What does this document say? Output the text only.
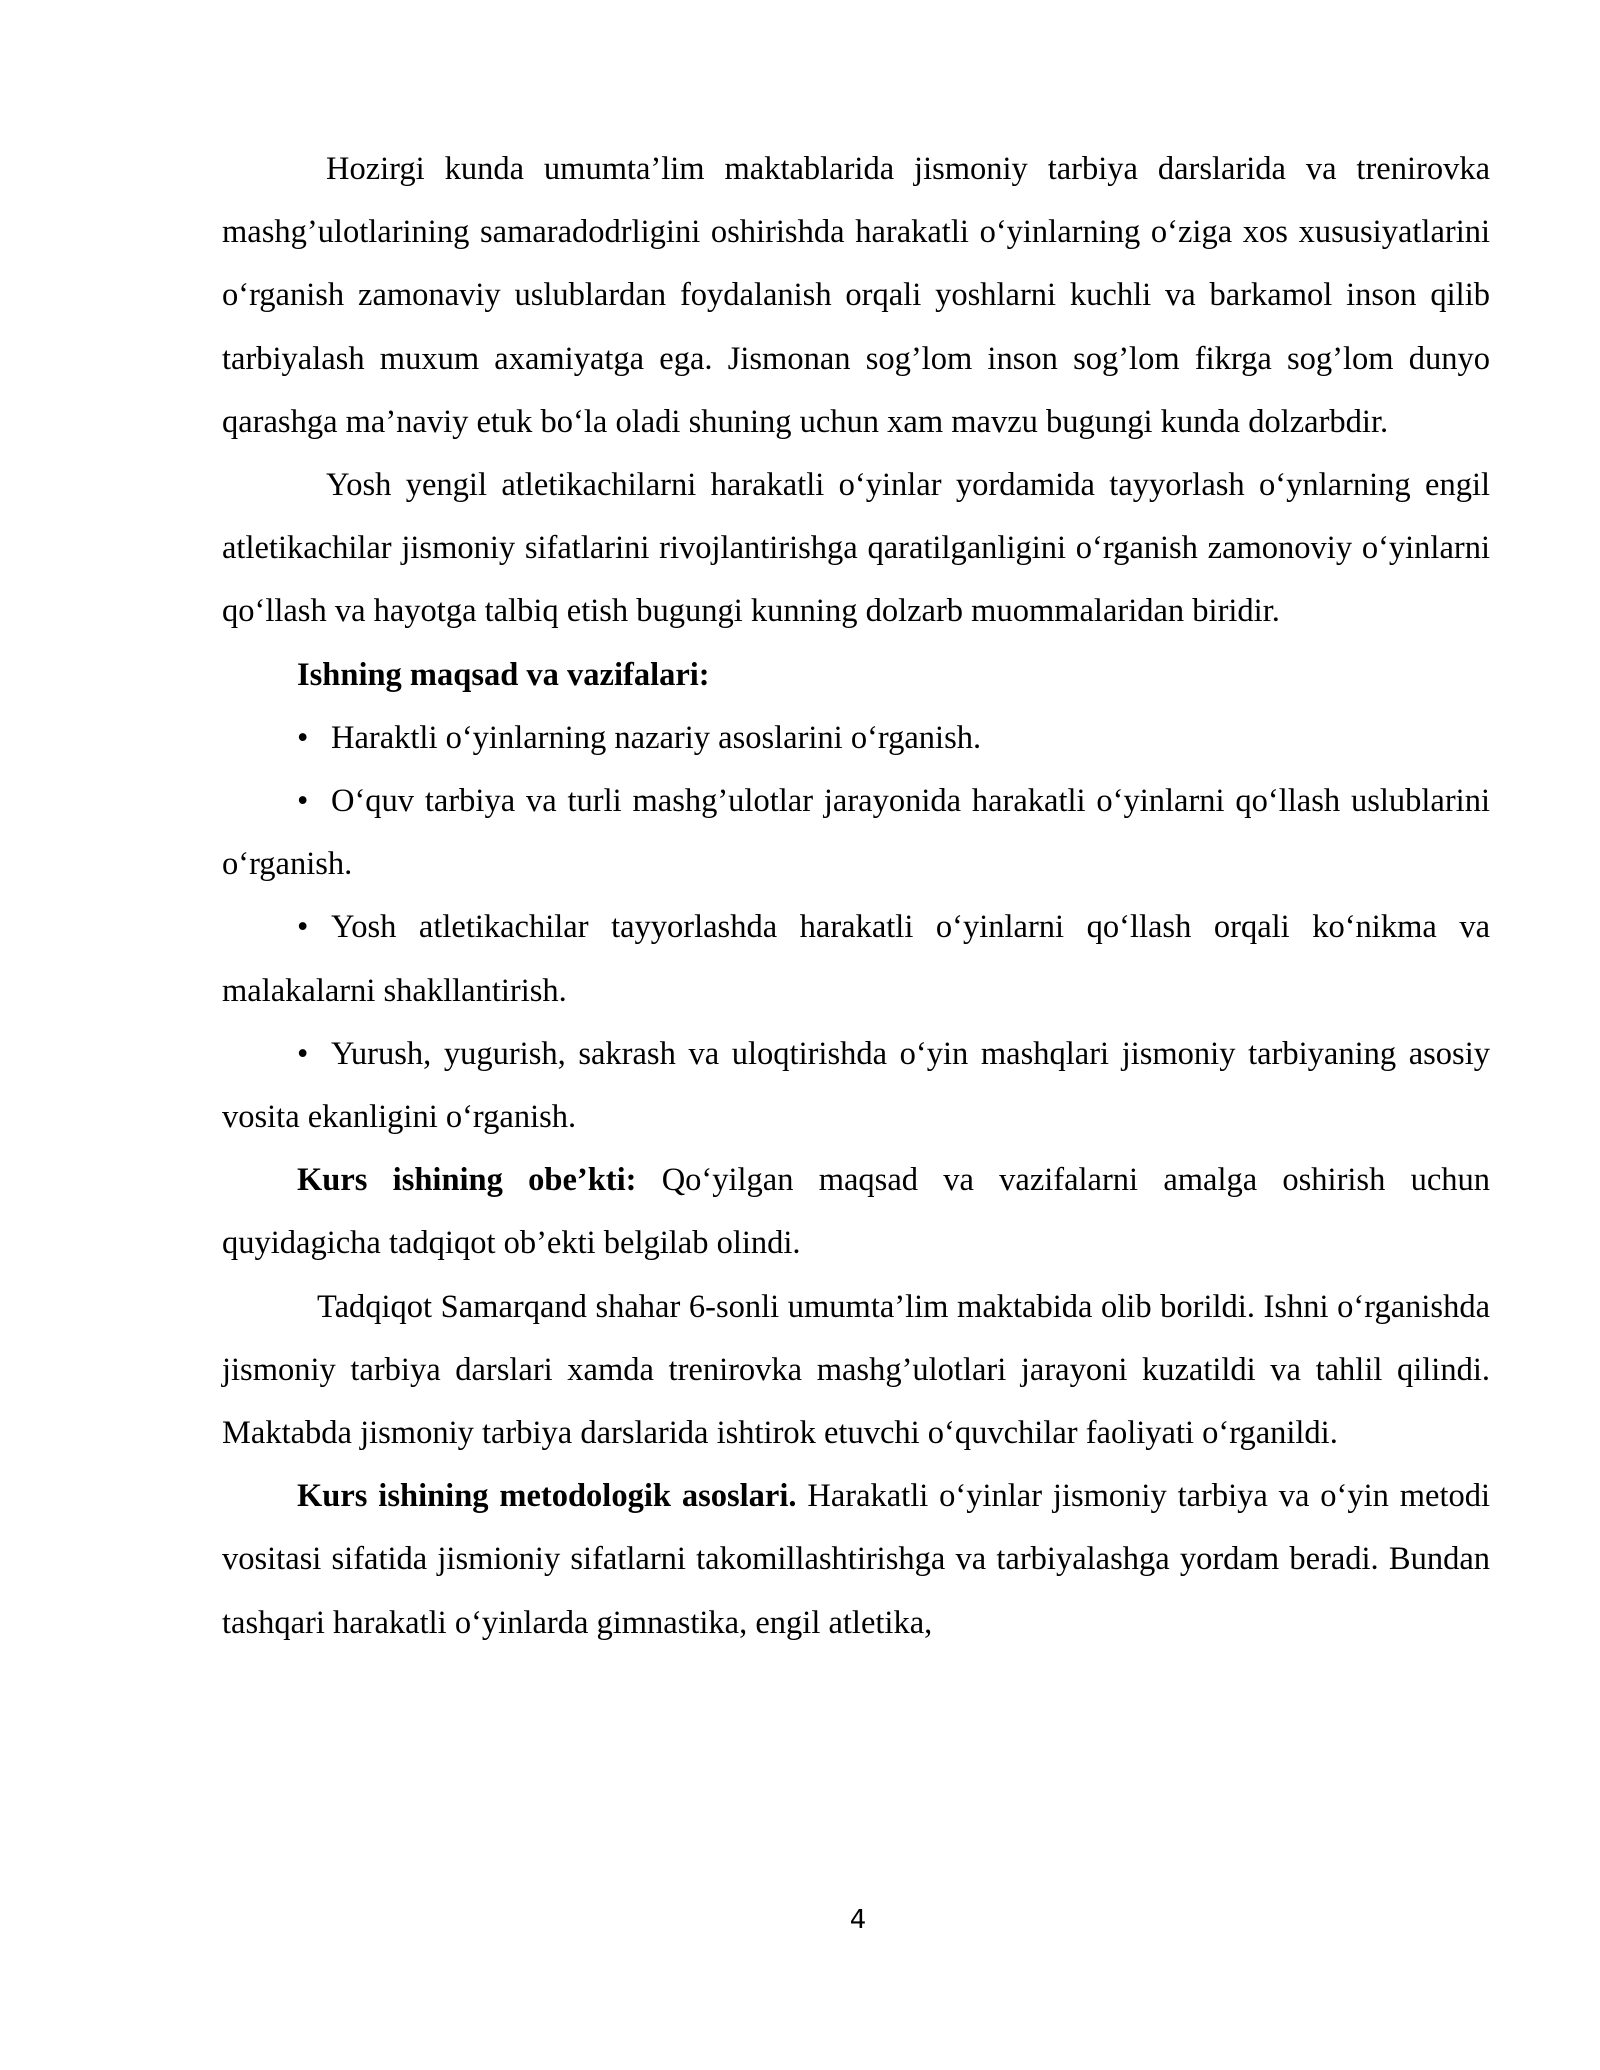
Hozirgi kunda umumta’lim maktablarida jismoniy tarbiya darslarida va trenirovka mashg’ulotlarining samaradodrligini oshirishda harakatli o‘yinlarning o‘ziga xos xususiyatlarini o‘rganish zamonaviy uslublardan foydalanish orqali yoshlarni kuchli va barkamol inson qilib tarbiyalash muxum axamiyatga ega. Jismonan sog’lom inson sog’lom fikrga sog’lom dunyo qarashga ma’naviy etuk bo‘la oladi shuning uchun xam mavzu bugungi kunda dolzarbdir.

Yosh yengil atletikachilarni harakatli o‘yinlar yordamida tayyorlash o‘ynlarning engil atletikachilar jismoniy sifatlarini rivojlantirishga qaratilganligini o‘rganish zamonoviy o‘yinlarni qo‘llash va hayotga talbiq etish bugungi kunning dolzarb muommalaridan biridir.

Ishning maqsad va vazifalari:

• Haraktli o‘yinlarning nazariy asoslarini o‘rganish.

• O‘quv tarbiya va turli mashg’ulotlar jarayonida harakatli o‘yinlarni qo‘llash uslublarini o‘rganish.

• Yosh atletikachilar tayyorlashda harakatli o‘yinlarni qo‘llash orqali ko‘nikma va malakalarni shakllantirish.

• Yurush, yugurish, sakrash va uloqtirishda o‘yin mashqlari jismoniy tarbiyaning asosiy vosita ekanligini o‘rganish.

Kurs ishining obe’kti: Qo‘yilgan maqsad va vazifalarni amalga oshirish uchun quyidagicha tadqiqot ob’ekti belgilab olindi.

Tadqiqot Samarqand shahar 6-sonli umumta’lim maktabida olib borildi. Ishni o‘rganishda jismoniy tarbiya darslari xamda trenirovka mashg’ulotlari jarayoni kuzatildi va tahlil qilindi. Maktabda jismoniy tarbiya darslarida ishtirok etuvchi o‘quvchilar faoliyati o‘rganildi.

Kurs ishining metodologik asoslari. Harakatli o‘yinlar jismoniy tarbiya va o‘yin metodi vositasi sifatida jismioniy sifatlarni takomillashtirishga va tarbiyalashga yordam beradi. Bundan tashqari harakatli o‘yinlarda gimnastika, engil atletika,

4
